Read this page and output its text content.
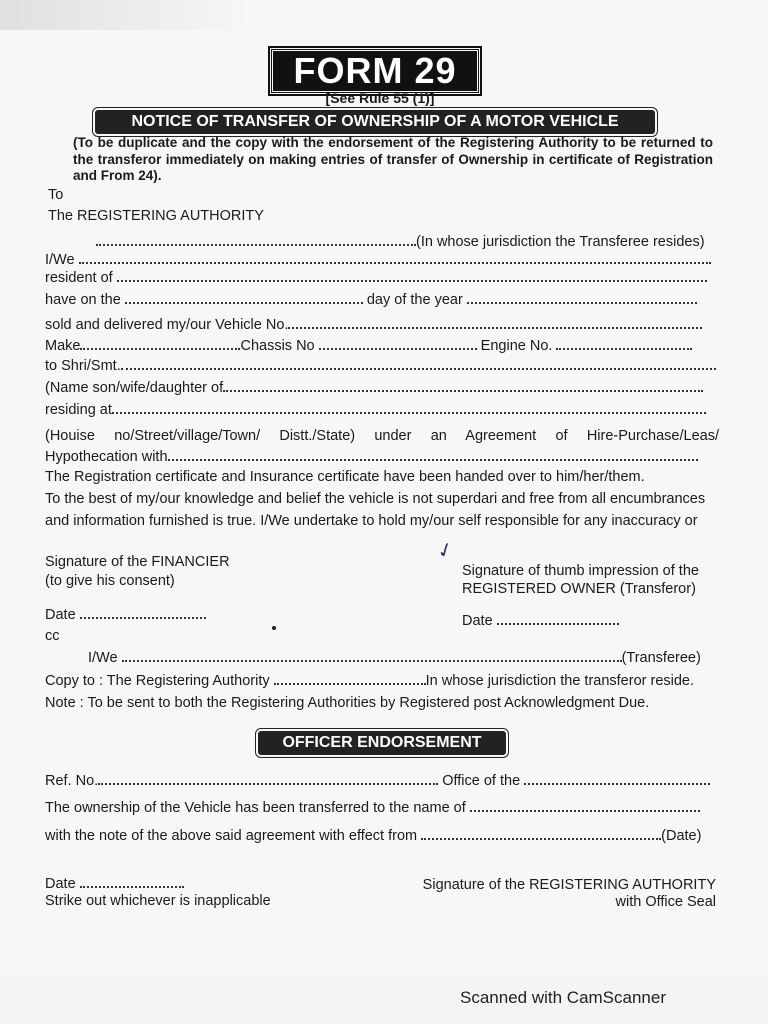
FORM 29
[See Rule 55 (1)]
NOTICE OF TRANSFER OF OWNERSHIP OF A MOTOR VEHICLE
(To be duplicate and the copy with the endorsement of the Registering Authority to be returned to the transferor immediately on making entries of transfer of Ownership in certificate of Registration and From 24).
To
The REGISTERING AUTHORITY
(In whose jurisdiction the Transferee resides)
I/We
resident of
have on the	day of the year
sold and delivered my/our Vehicle No.
Make	Chassis No	Engine No.
to Shri/Smt.
(Name son/wife/daughter of
residing at
(Houise no/Street/village/Town/ Distt./State) under an Agreement of Hire-Purchase/Leas/
Hypothecation with
The Registration certificate and Insurance certificate have been handed over to him/her/them.
To the best of my/our knowledge and belief the vehicle is not superdari and free from all encumbrances
and information furnished is true. I/We undertake to hold my/our self responsible for any inaccuracy or
✓
Signature of the FINANCIER
(to give his consent)
Signature of thumb impression of the
REGISTERED OWNER (Transferor)
Date	Date
cc
I/We	(Transferee)
Copy to : The Registering Authority	In whose jurisdiction the transferor reside.
Note : To be sent to both the Registering Authorities by Registered post Acknowledgment Due.
OFFICER ENDORSEMENT
Ref. No.	Office of the
The ownership of the Vehicle has been transferred to the name of
with the note of the above said agreement with effect from	(Date)
Date
Strike out whichever is inapplicable
Signature of the REGISTERING AUTHORITY
with Office Seal
Scanned with CamScanner
